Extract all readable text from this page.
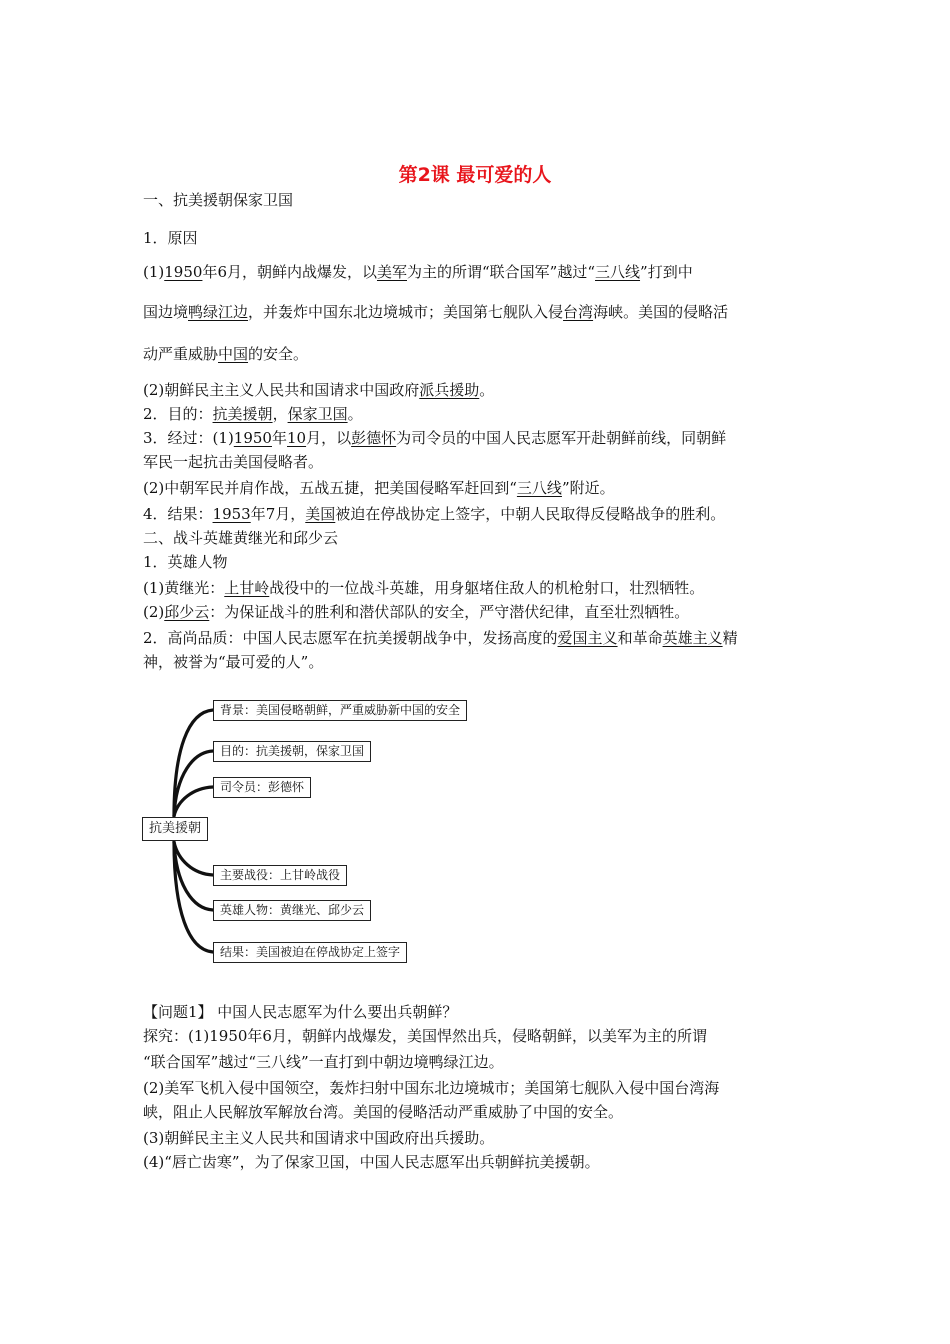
第2课 最可爱的人
一、抗美援朝保家卫国
1．原因
(1)1950年6月，朝鲜内战爆发，以美军为主的所谓“联合国军”越过“三八线”打到中
国边境鸭绿江边，并轰炸中国东北边境城市；美国第七舰队入侵台湾海峡。美国的侵略活
动严重威胁中国的安全。
(2)朝鲜民主主义人民共和国请求中国政府派兵援助。
2．目的：抗美援朝，保家卫国。
3．经过：(1)1950年10月，以彭德怀为司令员的中国人民志愿军开赴朝鲜前线，同朝鲜
军民一起抗击美国侵略者。
(2)中朝军民并肩作战，五战五捷，把美国侵略军赶回到“三八线”附近。
4．结果：1953年7月，美国被迫在停战协定上签字，中朝人民取得反侵略战争的胜利。
二、战斗英雄黄继光和邱少云
1．英雄人物
(1)黄继光：上甘岭战役中的一位战斗英雄，用身躯堵住敌人的机枪射口，壮烈牺牲。
(2)邱少云：为保证战斗的胜利和潜伏部队的安全，严守潜伏纪律，直至壮烈牺牲。
2．高尚品质：中国人民志愿军在抗美援朝战争中，发扬高度的爱国主义和革命英雄主义精
神，被誉为“最可爱的人”。
抗美援朝
背景：美国侵略朝鲜，严重威胁新中国的安全
目的：抗美援朝，保家卫国
司令员：彭德怀
主要战役：上甘岭战役
英雄人物：黄继光、邱少云
结果：美国被迫在停战协定上签字
【问题1】 中国人民志愿军为什么要出兵朝鲜？
探究：(1)1950年6月，朝鲜内战爆发，美国悍然出兵，侵略朝鲜，以美军为主的所谓
“联合国军”越过“三八线”一直打到中朝边境鸭绿江边。
(2)美军飞机入侵中国领空，轰炸扫射中国东北边境城市；美国第七舰队入侵中国台湾海
峡，阻止人民解放军解放台湾。美国的侵略活动严重威胁了中国的安全。
(3)朝鲜民主主义人民共和国请求中国政府出兵援助。
(4)“唇亡齿寒”，为了保家卫国，中国人民志愿军出兵朝鲜抗美援朝。
